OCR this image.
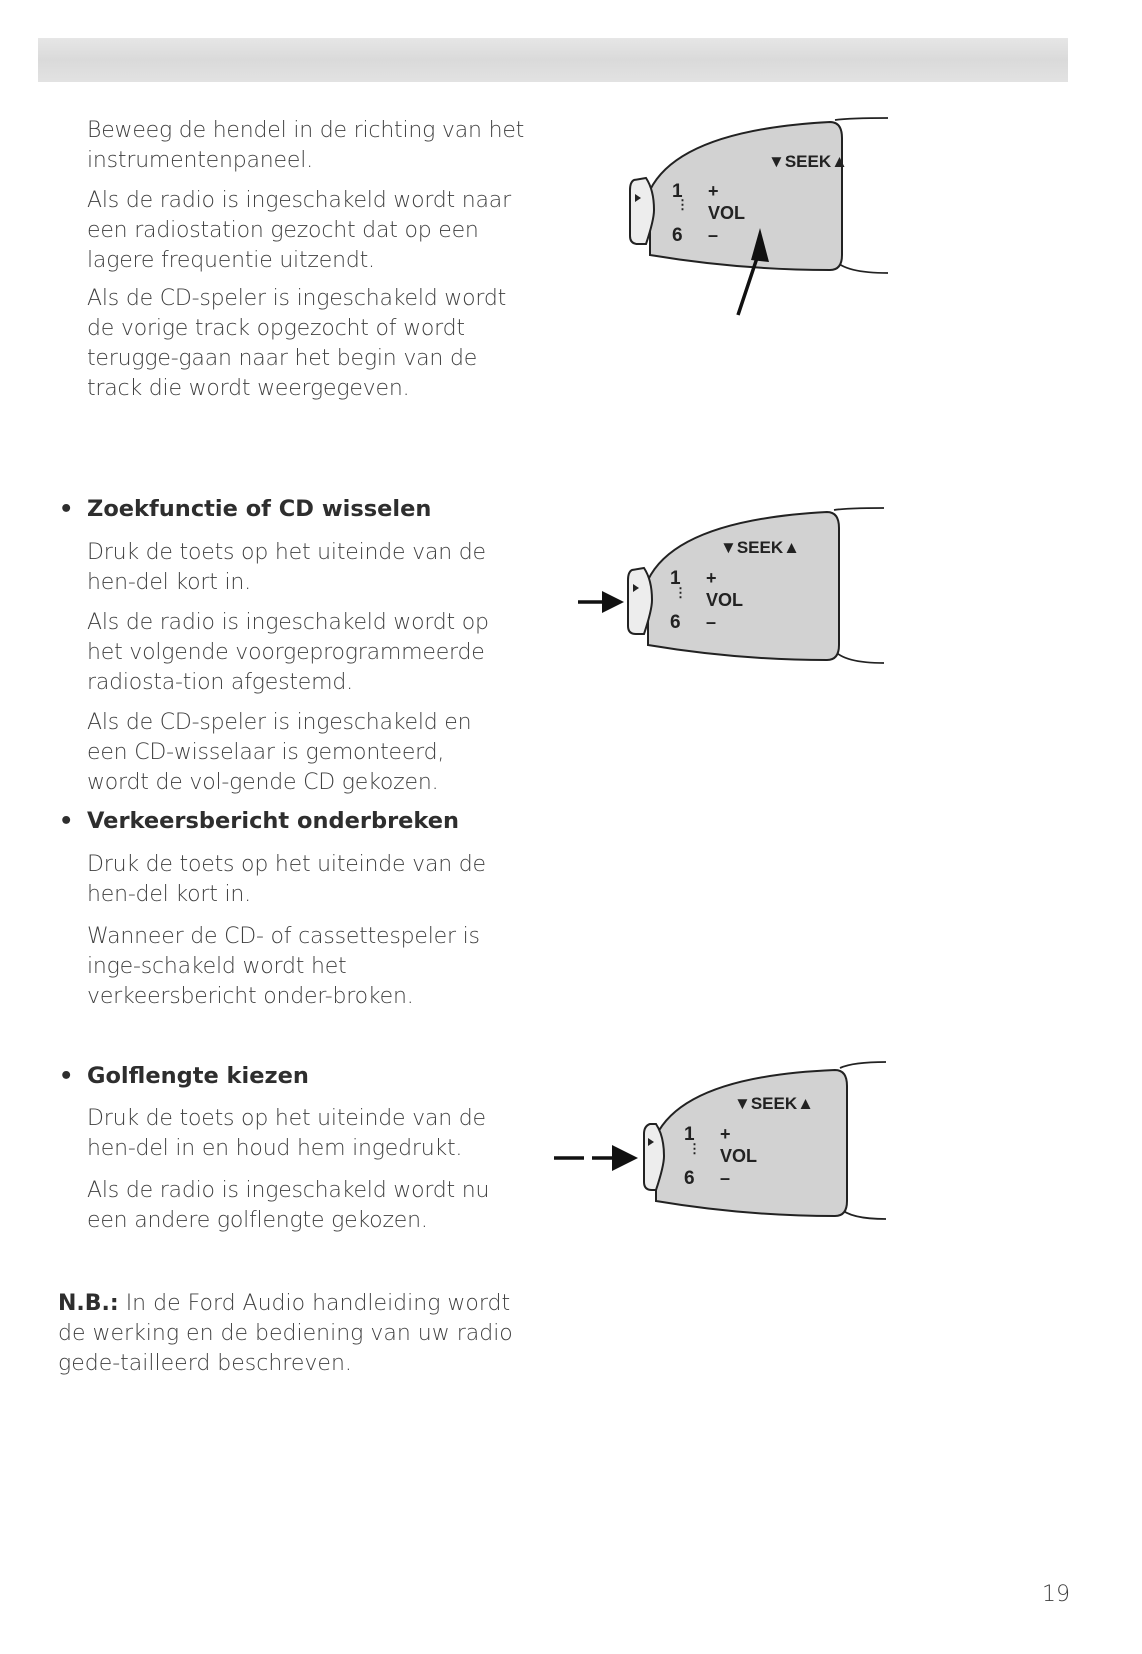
Beweeg de hendel in de richting van het instrumentenpaneel.
Als de radio is ingeschakeld wordt naar een radiostation gezocht dat op een lagere frequentie uitzendt.
Als de CD-speler is ingeschakeld wordt de vorige track opgezocht of wordt terugge-gaan naar het begin van de track die wordt weergegeven.
• Zoekfunctie of CD wisselen
Druk de toets op het uiteinde van de hen-del kort in.
Als de radio is ingeschakeld wordt op het volgende voorgeprogrammeerde radiosta-tion afgestemd.
Als de CD-speler is ingeschakeld en een CD-wisselaar is gemonteerd, wordt de vol-gende CD gekozen.
• Verkeersbericht onderbreken
Druk de toets op het uiteinde van de hen-del kort in.
Wanneer de CD- of cassettespeler is inge-schakeld wordt het verkeersbericht onder-broken.
• Golflengte kiezen
Druk de toets op het uiteinde van de hen-del in en houd hem ingedrukt.
Als de radio is ingeschakeld wordt nu een andere golflengte gekozen.
N.B.: In de Ford Audio handleiding wordt de werking en de bediening van uw radio gede-tailleerd beschreven.
▼SEEK▲
1
⋮
6
+
VOL
–
▼SEEK▲
1
⋮
6
+
VOL
–
▼SEEK▲
1
⋮
6
+
VOL
–
19
